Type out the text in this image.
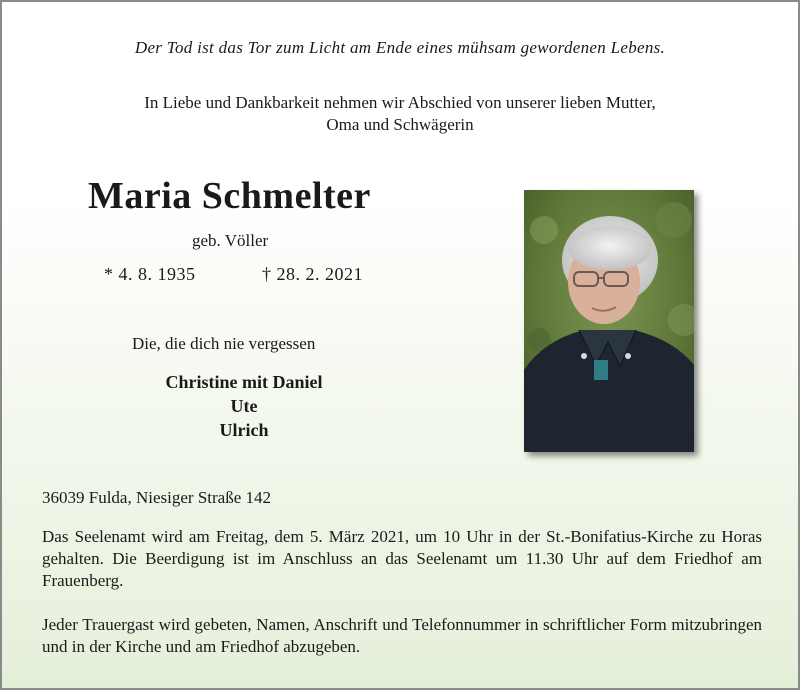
Der Tod ist das Tor zum Licht am Ende eines mühsam gewordenen Lebens.
In Liebe und Dankbarkeit nehmen wir Abschied von unserer lieben Mutter,
Oma und Schwägerin
Maria Schmelter
geb. Völler
* 4. 8. 1935	† 28. 2. 2021
Die, die dich nie vergessen
Christine mit Daniel
Ute
Ulrich
36039 Fulda, Niesiger Straße 142
Das Seelenamt wird am Freitag, dem 5. März 2021, um 10 Uhr in der St.-Bonifatius-Kirche zu Horas gehalten. Die Beerdigung ist im Anschluss an das Seelenamt um 11.30 Uhr auf dem Friedhof am Frauenberg.
Jeder Trauergast wird gebeten, Namen, Anschrift und Telefonnummer in schriftlicher Form mitzubringen und in der Kirche und am Friedhof abzugeben.
